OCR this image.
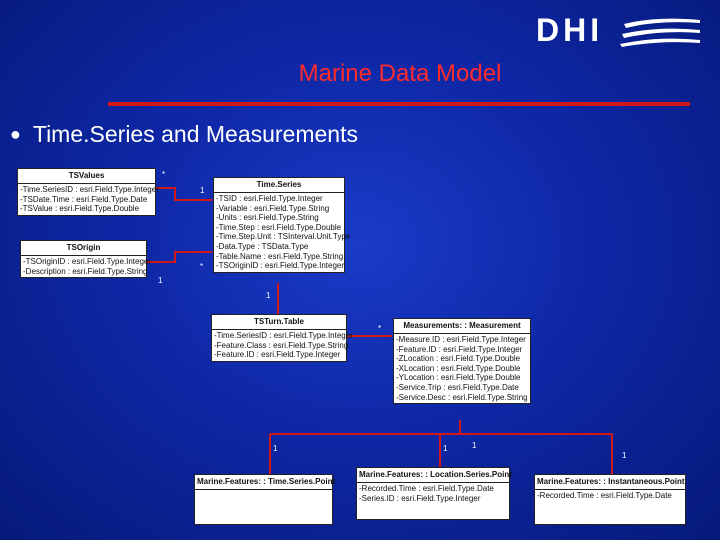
DHI
Marine Data Model
● Time.Series and Measurements
TSValues
-Time.SeriesID : esri.Field.Type.Integer
-TSDate.Time : esri.Field.Type.Date
-TSValue : esri.Field.Type.Double
TSOrigin
-TSOriginID : esri.Field.Type.Integer
-Description : esri.Field.Type.String
Time.Series
-TSID : esri.Field.Type.Integer
-Variable : esri.Field.Type.String
-Units : esri.Field.Type.String
-Time.Step : esri.Field.Type.Double
-Time.Step.Unit : TSInterval.Unit.Type
-Data.Type : TSData.Type
-Table.Name : esri.Field.Type.String
-TSOriginID : esri.Field.Type.Integer
TSTurn.Table
-Time.SeriesID : esri.Field.Type.Integer
-Feature.Class : esri.Field.Type.String
-Feature.ID : esri.Field.Type.Integer
Measurements: : Measurement
-Measure.ID : esri.Field.Type.Integer
-Feature.ID : esri.Field.Type.Integer
-ZLocation : esri.Field.Type.Double
-XLocation : esri.Field.Type.Double
-YLocation : esri.Field.Type.Double
-Service.Trip : esri.Field.Type.Date
-Service.Desc : esri.Field.Type.String
Marine.Features: : Time.Series.Point
Marine.Features: : Location.Series.Point
-Recorded.Time : esri.Field.Type.Date
-Series.ID : esri.Field.Type.Integer
Marine.Features: : Instantaneous.Point
-Recorded.Time : esri.Field.Type.Date
*
1
*
1
1
*
1	1	1
1
